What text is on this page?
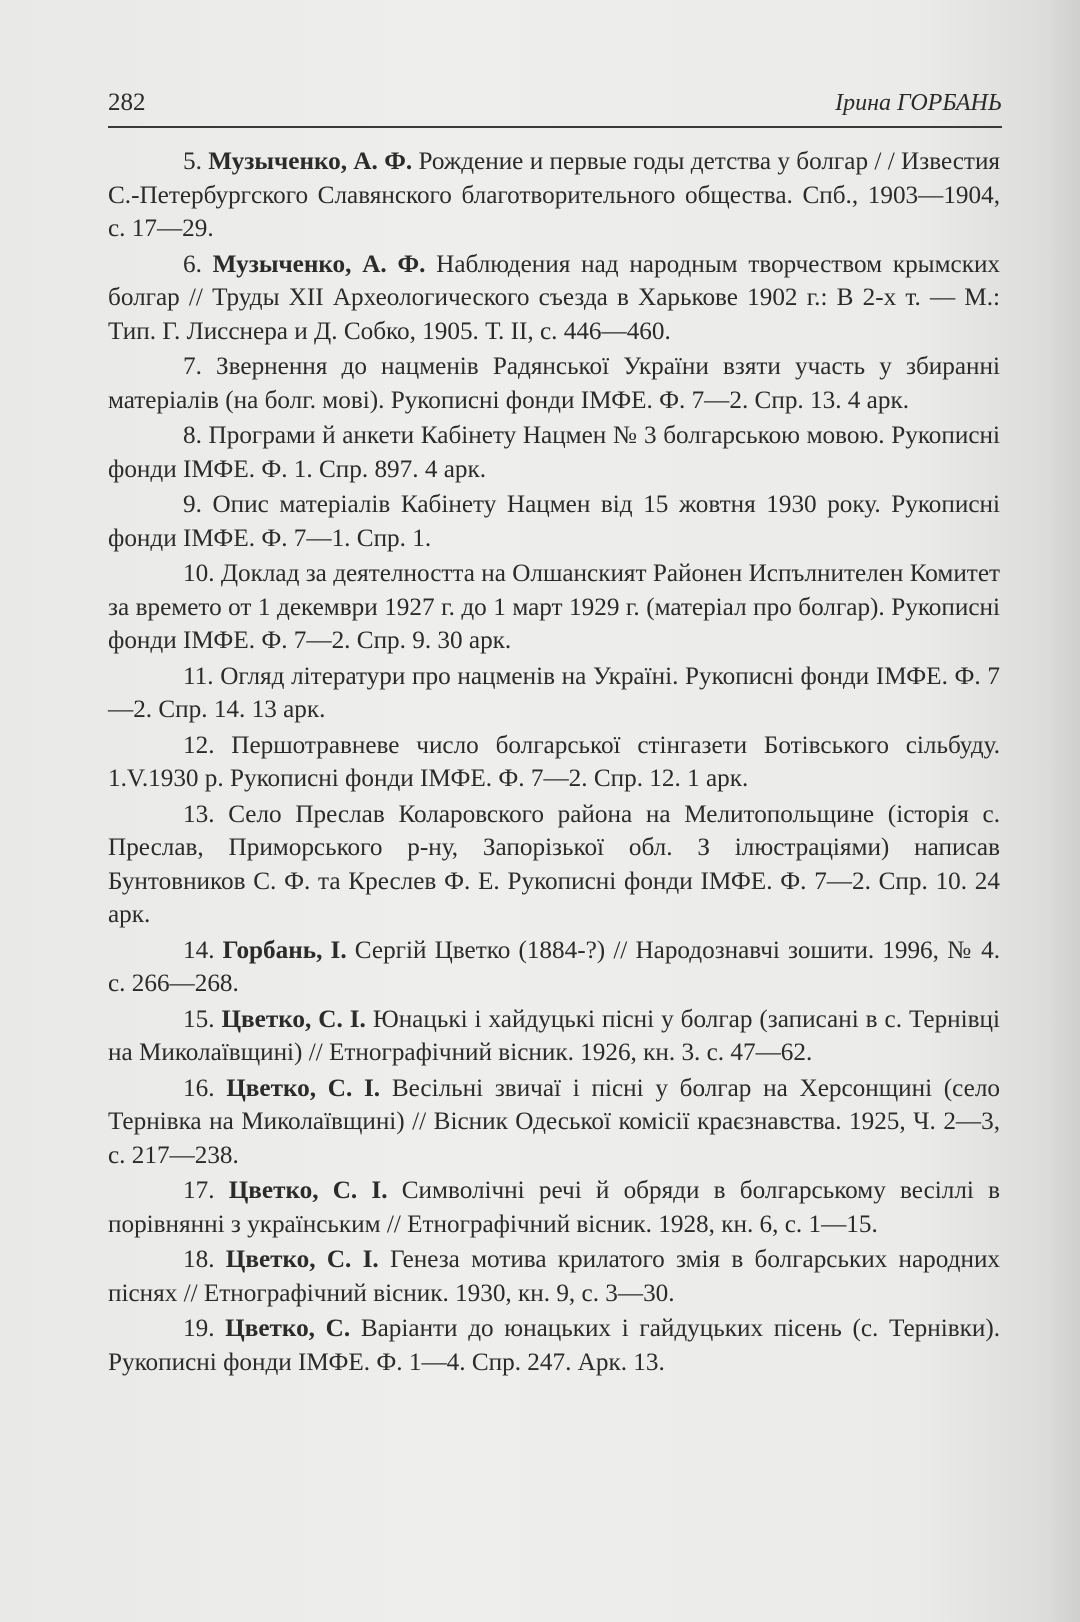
282	Ірина ГОРБАНЬ

5. Музыченко, А. Ф. Рождение и первые годы детства у болгар / / Известия С.-Петербургского Славянского благотворительного общества. Спб., 1903—1904, с. 17—29.

6. Музыченко, А. Ф. Наблюдения над народным творчеством крымских болгар // Труды XII Археологического съезда в Харькове 1902 г.: В 2-х т. — М.: Тип. Г. Лисснера и Д. Собко, 1905. Т. II, с. 446—460.

7. Звернення до нацменів Радянської України взяти участь у збиранні матеріалів (на болг. мові). Рукописні фонди ІМФЕ. Ф. 7—2. Спр. 13. 4 арк.

8. Програми й анкети Кабінету Нацмен № 3 болгарською мовою. Рукописні фонди ІМФЕ. Ф. 1. Спр. 897. 4 арк.

9. Опис матеріалів Кабінету Нацмен від 15 жовтня 1930 року. Рукописні фонди ІМФЕ. Ф. 7—1. Спр. 1.

10. Доклад за деятелността на Олшанският Районен Испълнителен Комитет за времето от 1 декември 1927 г. до 1 март 1929 г. (матеріал про болгар). Рукописні фонди ІМФЕ. Ф. 7—2. Спр. 9. 30 арк.

11. Огляд літератури про нацменів на Україні. Рукописні фонди ІМФЕ. Ф. 7—2. Спр. 14. 13 арк.

12. Першотравневе число болгарської стінгазети Ботівського сільбуду. 1.V.1930 р. Рукописні фонди ІМФЕ. Ф. 7—2. Спр. 12. 1 арк.

13. Село Преслав Коларовского района на Мелитопольщине (історія с. Преслав, Приморського р-ну, Запорізької обл. З ілюстраціями) написав Бунтовников С. Ф. та Креслев Ф. Е. Рукописні фонди ІМФЕ. Ф. 7—2. Спр. 10. 24 арк.

14. Горбань, І. Сергій Цветко (1884-?) // Народознавчі зошити. 1996, № 4. с. 266—268.

15. Цветко, С. І. Юнацькі і хайдуцькі пісні у болгар (записані в с. Тернівці на Миколаївщині) // Етнографічний вісник. 1926, кн. 3. с. 47—62.

16. Цветко, С. І. Весільні звичаї і пісні у болгар на Херсонщині (село Тернівка на Миколаївщині) // Вісник Одеської комісії краєзнавства. 1925, Ч. 2—3, с. 217—238.

17. Цветко, С. І. Символічні речі й обряди в болгарському весіллі в порівнянні з українським // Етнографічний вісник. 1928, кн. 6, с. 1—15.

18. Цветко, С. І. Генеза мотива крилатого змія в болгарських народних піснях // Етнографічний вісник. 1930, кн. 9, с. 3—30.

19. Цветко, С. Варіанти до юнацьких і гайдуцьких пісень (с. Тернівки). Рукописні фонди ІМФЕ. Ф. 1—4. Спр. 247. Арк. 13.
